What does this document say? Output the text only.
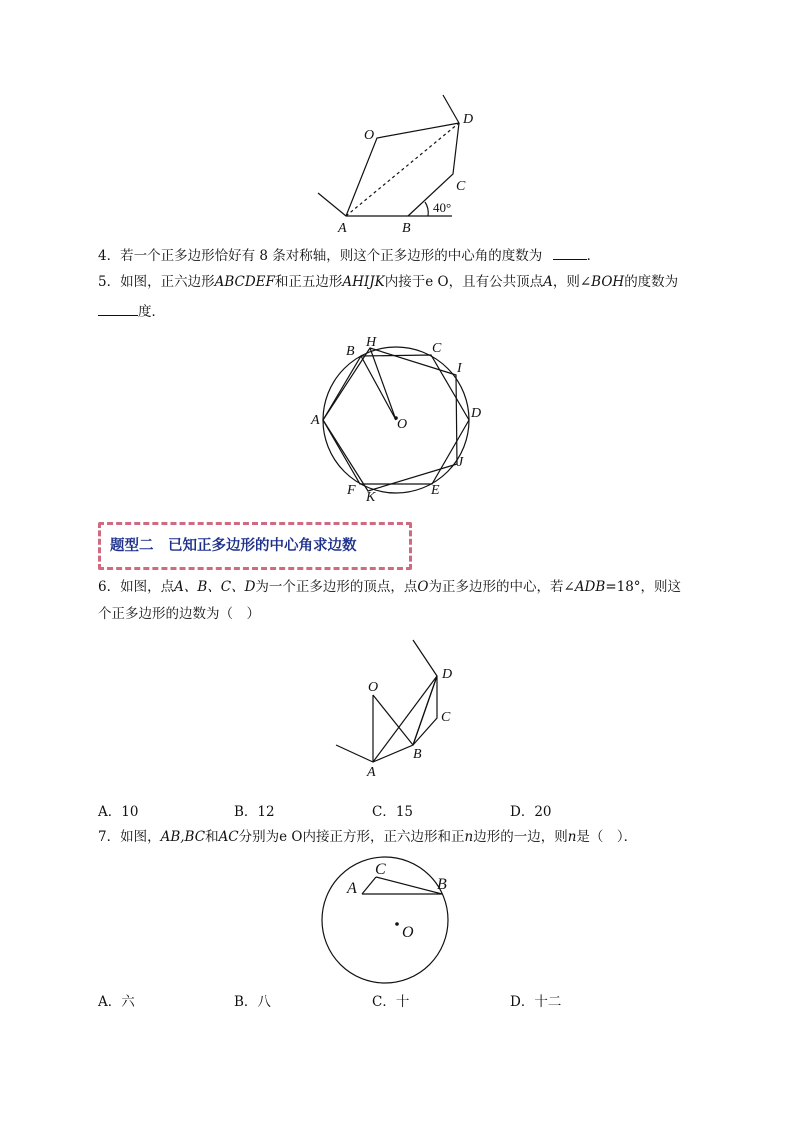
O
D
C
A	B
40°
4．若一个正多边形恰好有 8 条对称轴，则这个正多边形的中心角的度数为	．
5．如图，正六边形ABCDEF和正五边形AHIJK内接于e O，且有公共顶点A，则∠BOH的度数为
度．
H
B	C
I
A	D
O
J
F K	E
题型二　已知正多边形的中心角求边数
6．如图，点A、B、C、D为一个正多边形的顶点，点O为正多边形的中心，若∠ADB=18°，则这
个正多边形的边数为（　）
O
D
C
B
A
A．10	B．12	C．15	D．20
7．如图，AB,BC和AC分别为e O内接正方形，正六边形和正n边形的一边，则n是（　）．
A
C
B
O
A．六	B．八	C．十	D．十二
